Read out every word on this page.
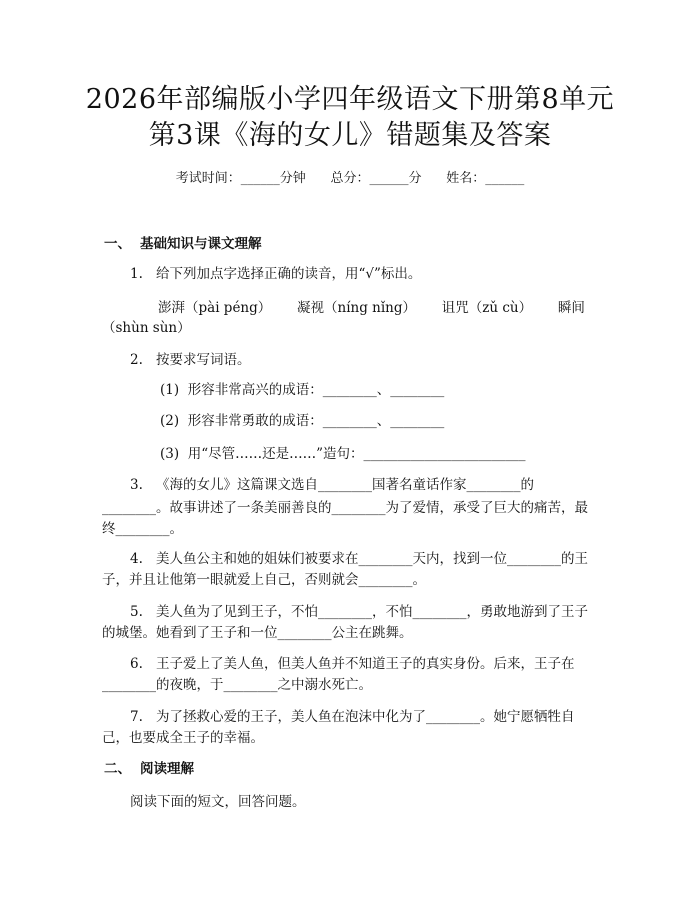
2026年部编版小学四年级语文下册第8单元
第3课《海的女儿》错题集及答案
考试时间：______分钟      总分：______分      姓名：______
一、 基础知识与课文理解
1. 给下列加点字选择正确的读音，用“√”标出。
澎湃（pài péng）      凝视（níng nǐng）      诅咒（zǔ cù）      瞬间
（shùn sùn）
2. 按要求写词语。
(1)  形容非常高兴的成语：________、________
(2)  形容非常勇敢的成语：________、________
(3)  用“尽管……还是……”造句：________________________
3. 《海的女儿》这篇课文选自________国著名童话作家________的
________。故事讲述了一条美丽善良的________为了爱情，承受了巨大的痛苦，最
终________。
4. 美人鱼公主和她的姐妹们被要求在________天内，找到一位________的王
子，并且让他第一眼就爱上自己，否则就会________。
5. 美人鱼为了见到王子，不怕________，不怕________，勇敢地游到了王子
的城堡。她看到了王子和一位________公主在跳舞。
6. 王子爱上了美人鱼，但美人鱼并不知道王子的真实身份。后来，王子在
________的夜晚，于________之中溺水死亡。
7. 为了拯救心爱的王子，美人鱼在泡沫中化为了________。她宁愿牺牲自
己，也要成全王子的幸福。
二、 阅读理解
阅读下面的短文，回答问题。
